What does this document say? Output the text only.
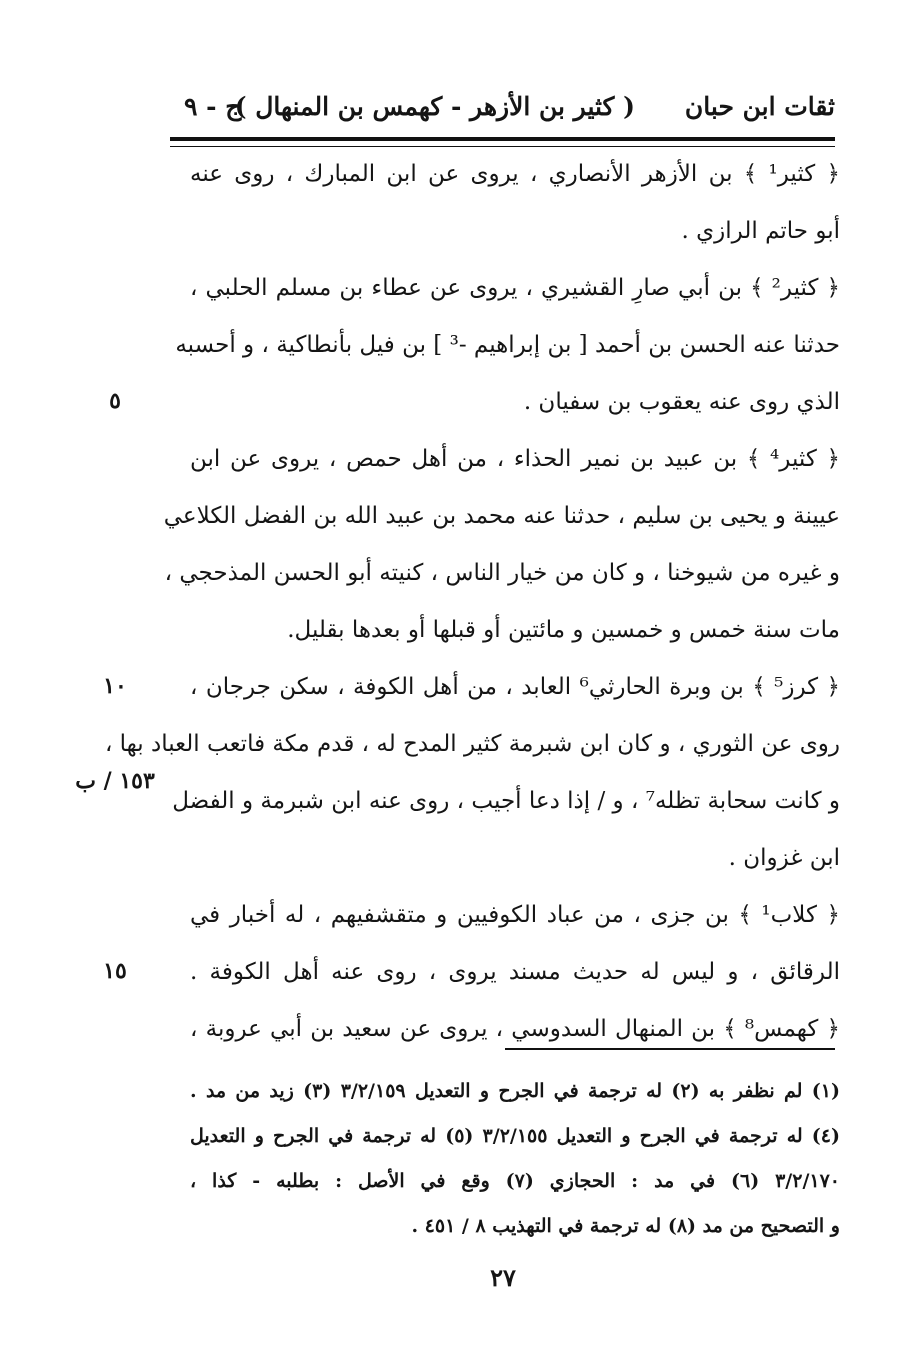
ثقات ابن حبان
( كثير بن الأزهر - كهمس بن المنهال )
ج - ٩
﴿ كثير¹ ﴾ بن الأزهر الأنصاري ، يروى عن ابن المبارك ، روى عنه
أبو حاتم الرازي .
﴿ كثير² ﴾ بن أبي صارِ القشيري ، يروى عن عطاء بن مسلم الحلبي ،
حدثنا عنه الحسن بن أحمد [ بن إبراهيم -³ ] بن فيل بأنطاكية ، و أحسبه
الذي روى عنه يعقوب بن سفيان .
﴿ كثير⁴ ﴾ بن عبيد بن نمير الحذاء ، من أهل حمص ، يروى عن ابن
عيينة و يحيى بن سليم ، حدثنا عنه محمد بن عبيد الله بن الفضل الكلاعي
و غيره من شيوخنا ، و كان من خيار الناس ، كنيته أبو الحسن المذحجي ،
مات سنة خمس و خمسين و مائتين أو قبلها أو بعدها بقليل.
﴿ كرز⁵ ﴾ بن وبرة الحارثي⁶ العابد ، من أهل الكوفة ، سكن جرجان ،
روى عن الثوري ، و كان ابن شبرمة كثير المدح له ، قدم مكة فاتعب العباد بها ،
و كانت سحابة تظله⁷ ، و / إذا دعا أجيب ، روى عنه ابن شبرمة و الفضل
ابن غزوان .
﴿ كلاب¹ ﴾ بن جزى ، من عباد الكوفيين و متقشفيهم ، له أخبار في
الرقائق ، و ليس له حديث مسند يروى ، روى عنه أهل الكوفة .
﴿ كهمس⁸ ﴾ بن المنهال السدوسي ، يروى عن سعيد بن أبي عروبة ،
٥
١٠
١٥٣ / ب
١٥
(١) لم نظفر به (٢) له ترجمة في الجرح و التعديل ٣/٢/١٥٩ (٣) زيد من مد .
(٤) له ترجمة في الجرح و التعديل ٣/٢/١٥٥ (٥) له ترجمة في الجرح و التعديل
٣/٢/١٧٠ (٦) في مد : الحجازي (٧) وقع في الأصل : بطلبه - كذا ،
و التصحيح من مد (٨) له ترجمة في التهذيب ٨ / ٤٥١ .
٢٧
